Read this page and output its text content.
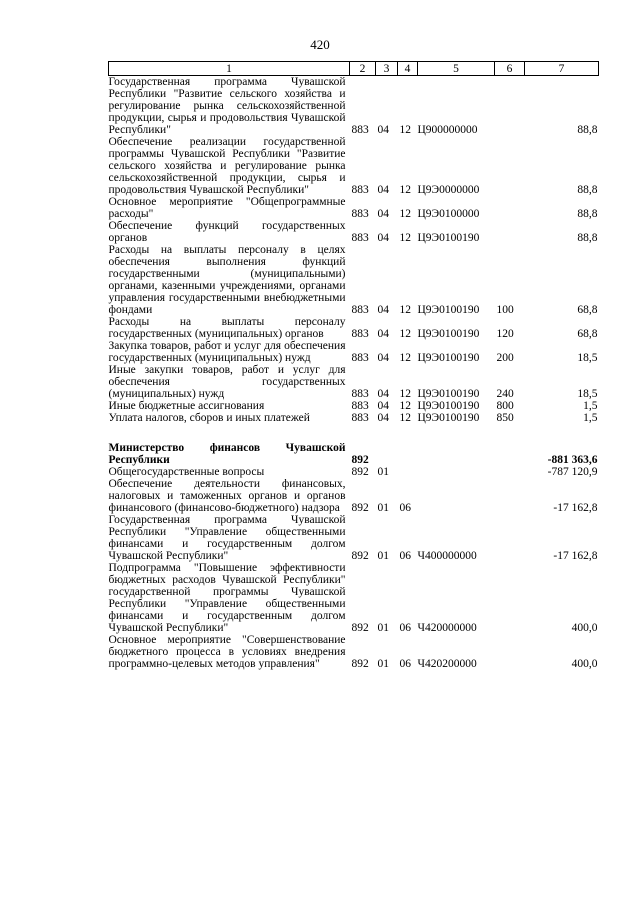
420
1	2	3	4	5	6	7
Государственная программа Чувашской Республики "Развитие сельского хозяйства и регулирование рынка сельскохозяйственной продукции, сырья и продовольствия Чувашской Республики"	883	04	12	Ц900000000		88,8
Обеспечение реализации государственной программы Чувашской Республики "Развитие сельского хозяйства и регулирование рынка сельскохозяйственной продукции, сырья и продовольствия Чувашской Республики"	883	04	12	Ц9Э0000000		88,8
Основное мероприятие "Общепрограммные расходы"	883	04	12	Ц9Э0100000		88,8
Обеспечение функций государственных органов	883	04	12	Ц9Э0100190		88,8
Расходы на выплаты персоналу в целях обеспечения выполнения функций государственными (муниципальными) органами, казенными учреждениями, органами управления государственными внебюджетными фондами	883	04	12	Ц9Э0100190	100	68,8
Расходы на выплаты персоналу государственных (муниципальных) органов	883	04	12	Ц9Э0100190	120	68,8
Закупка товаров, работ и услуг для обеспечения государственных (муниципальных) нужд	883	04	12	Ц9Э0100190	200	18,5
Иные закупки товаров, работ и услуг для обеспечения государственных (муниципальных) нужд	883	04	12	Ц9Э0100190	240	18,5
Иные бюджетные ассигнования	883	04	12	Ц9Э0100190	800	1,5
Уплата налогов, сборов и иных платежей	883	04	12	Ц9Э0100190	850	1,5

Министерство финансов Чувашской Республики	892					-881 363,6
Общегосударственные вопросы	892	01				-787 120,9
Обеспечение деятельности финансовых, налоговых и таможенных органов и органов финансового (финансово-бюджетного) надзора	892	01	06			-17 162,8
Государственная программа Чувашской Республики "Управление общественными финансами и государственным долгом Чувашской Республики"	892	01	06	Ч400000000		-17 162,8
Подпрограмма "Повышение эффективности бюджетных расходов Чувашской Республики" государственной программы Чувашской Республики "Управление общественными финансами и государственным долгом Чувашской Республики"	892	01	06	Ч420000000		400,0
Основное мероприятие "Совершенствование бюджетного процесса в условиях внедрения программно-целевых методов управления"	892	01	06	Ч420200000		400,0
